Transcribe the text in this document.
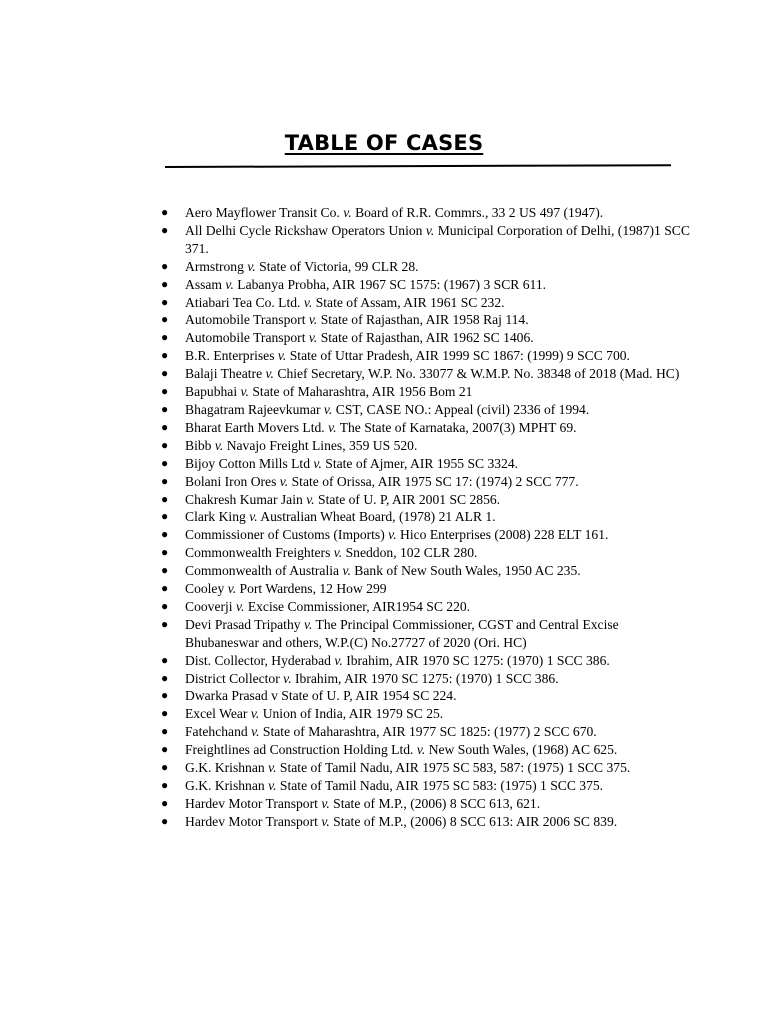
TABLE OF CASES
● Aero Mayflower Transit Co. v. Board of R.R. Commrs., 33 2 US 497 (1947).
● All Delhi Cycle Rickshaw Operators Union v. Municipal Corporation of Delhi, (1987)1 SCC 371.
● Armstrong v. State of Victoria, 99 CLR 28.
● Assam v. Labanya Probha, AIR 1967 SC 1575: (1967) 3 SCR 611.
● Atiabari Tea Co. Ltd. v. State of Assam, AIR 1961 SC 232.
● Automobile Transport v. State of Rajasthan, AIR 1958 Raj 114.
● Automobile Transport v. State of Rajasthan, AIR 1962 SC 1406.
● B.R. Enterprises v. State of Uttar Pradesh, AIR 1999 SC 1867: (1999) 9 SCC 700.
● Balaji Theatre v. Chief Secretary, W.P. No. 33077 & W.M.P. No. 38348 of 2018 (Mad. HC)
● Bapubhai v. State of Maharashtra, AIR 1956 Bom 21
● Bhagatram Rajeevkumar v. CST, CASE NO.: Appeal (civil) 2336 of 1994.
● Bharat Earth Movers Ltd. v. The State of Karnataka, 2007(3) MPHT 69.
● Bibb v. Navajo Freight Lines, 359 US 520.
● Bijoy Cotton Mills Ltd v. State of Ajmer, AIR 1955 SC 3324.
● Bolani Iron Ores v. State of Orissa, AIR 1975 SC 17: (1974) 2 SCC 777.
● Chakresh Kumar Jain v. State of U. P, AIR 2001 SC 2856.
● Clark King v. Australian Wheat Board, (1978) 21 ALR 1.
● Commissioner of Customs (Imports) v. Hico Enterprises (2008) 228 ELT 161.
● Commonwealth Freighters v. Sneddon, 102 CLR 280.
● Commonwealth of Australia v. Bank of New South Wales, 1950 AC 235.
● Cooley v. Port Wardens, 12 How 299
● Cooverji v. Excise Commissioner, AIR1954 SC 220.
● Devi Prasad Tripathy v. The Principal Commissioner, CGST and Central Excise
Bhubaneswar and others, W.P.(C) No.27727 of 2020 (Ori. HC)
● Dist. Collector, Hyderabad v. Ibrahim, AIR 1970 SC 1275: (1970) 1 SCC 386.
● District Collector v. Ibrahim, AIR 1970 SC 1275: (1970) 1 SCC 386.
● Dwarka Prasad v State of U. P, AIR 1954 SC 224.
● Excel Wear v. Union of India, AIR 1979 SC 25.
● Fatehchand v. State of Maharashtra, AIR 1977 SC 1825: (1977) 2 SCC 670.
● Freightlines ad Construction Holding Ltd. v. New South Wales, (1968) AC 625.
● G.K. Krishnan v. State of Tamil Nadu, AIR 1975 SC 583, 587: (1975) 1 SCC 375.
● G.K. Krishnan v. State of Tamil Nadu, AIR 1975 SC 583: (1975) 1 SCC 375.
● Hardev Motor Transport v. State of M.P., (2006) 8 SCC 613, 621.
● Hardev Motor Transport v. State of M.P., (2006) 8 SCC 613: AIR 2006 SC 839.
